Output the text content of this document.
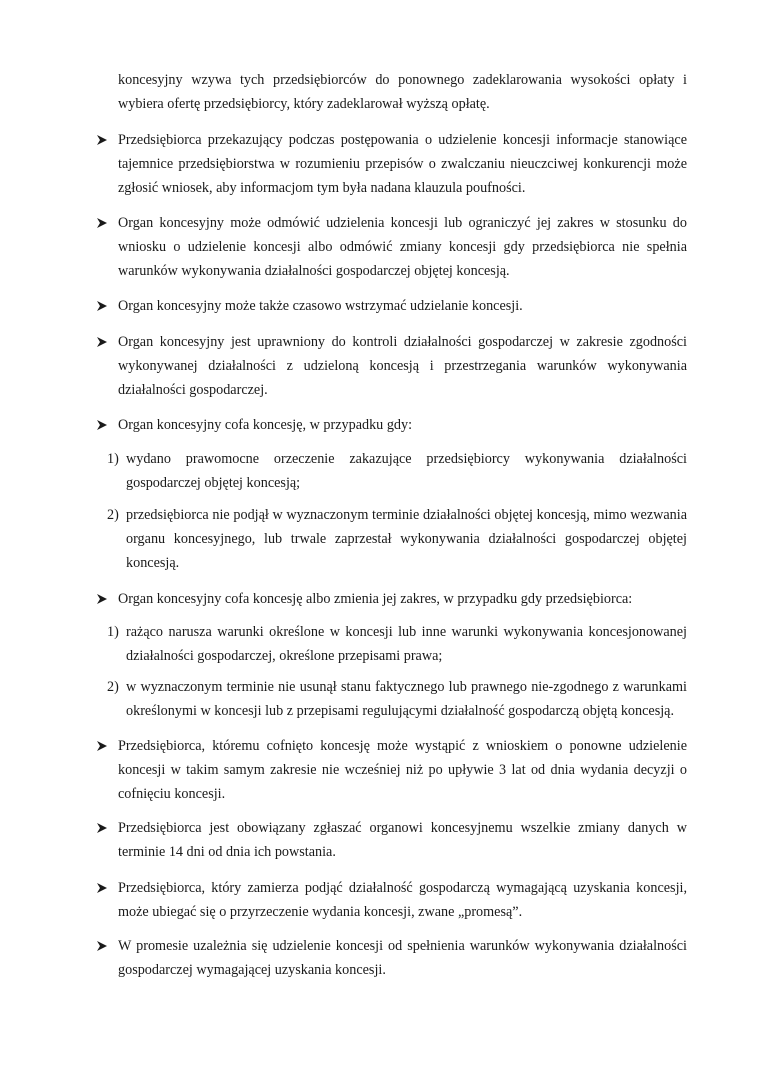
koncesyjny wzywa tych przedsiębiorców do ponownego zadeklarowania wysokości opłaty i wybiera ofertę przedsiębiorcy, który zadeklarował wyższą opłatę.
Przedsiębiorca przekazujący podczas postępowania o udzielenie koncesji informacje stanowiące tajemnice przedsiębiorstwa w rozumieniu przepisów o zwalczaniu nieuczciwej konkurencji może zgłosić wniosek, aby informacjom tym była nadana klauzula poufności.
Organ koncesyjny może odmówić udzielenia koncesji lub ograniczyć jej zakres w stosunku do wniosku o udzielenie koncesji albo odmówić zmiany koncesji gdy przedsiębiorca nie spełnia warunków wykonywania działalności gospodarczej objętej koncesją.
Organ koncesyjny może także czasowo wstrzymać udzielanie koncesji.
Organ koncesyjny jest uprawniony do kontroli działalności gospodarczej w zakresie zgodności wykonywanej działalności z udzieloną koncesją i przestrzegania warunków wykonywania działalności gospodarczej.
Organ koncesyjny cofa koncesję, w przypadku gdy:
1) wydano prawomocne orzeczenie zakazujące przedsiębiorcy wykonywania działalności gospodarczej objętej koncesją;
2) przedsiębiorca nie podjął w wyznaczonym terminie działalności objętej koncesją, mimo wezwania organu koncesyjnego, lub trwale zaprzestał wykonywania działalności gospodarczej objętej koncesją.
Organ koncesyjny cofa koncesję albo zmienia jej zakres, w przypadku gdy przedsiębiorca:
1) rażąco narusza warunki określone w koncesji lub inne warunki wykonywania koncesjonowanej działalności gospodarczej, określone przepisami prawa;
2) w wyznaczonym terminie nie usunął stanu faktycznego lub prawnego nie-zgodnego z warunkami określonymi w koncesji lub z przepisami regulującymi działalność gospodarczą objętą koncesją.
Przedsiębiorca, któremu cofnięto koncesję może wystąpić z wnioskiem o ponowne udzielenie koncesji w takim samym zakresie nie wcześniej niż po upływie 3 lat od dnia wydania decyzji o cofnięciu koncesji.
Przedsiębiorca jest obowiązany zgłaszać organowi koncesyjnemu wszelkie zmiany danych w terminie 14 dni od dnia ich powstania.
Przedsiębiorca, który zamierza podjąć działalność gospodarczą wymagającą uzyskania koncesji, może ubiegać się o przyrzeczenie wydania koncesji, zwane „promesą”.
W promesie uzależnia się udzielenie koncesji od spełnienia warunków wykonywania działalności gospodarczej wymagającej uzyskania koncesji.
